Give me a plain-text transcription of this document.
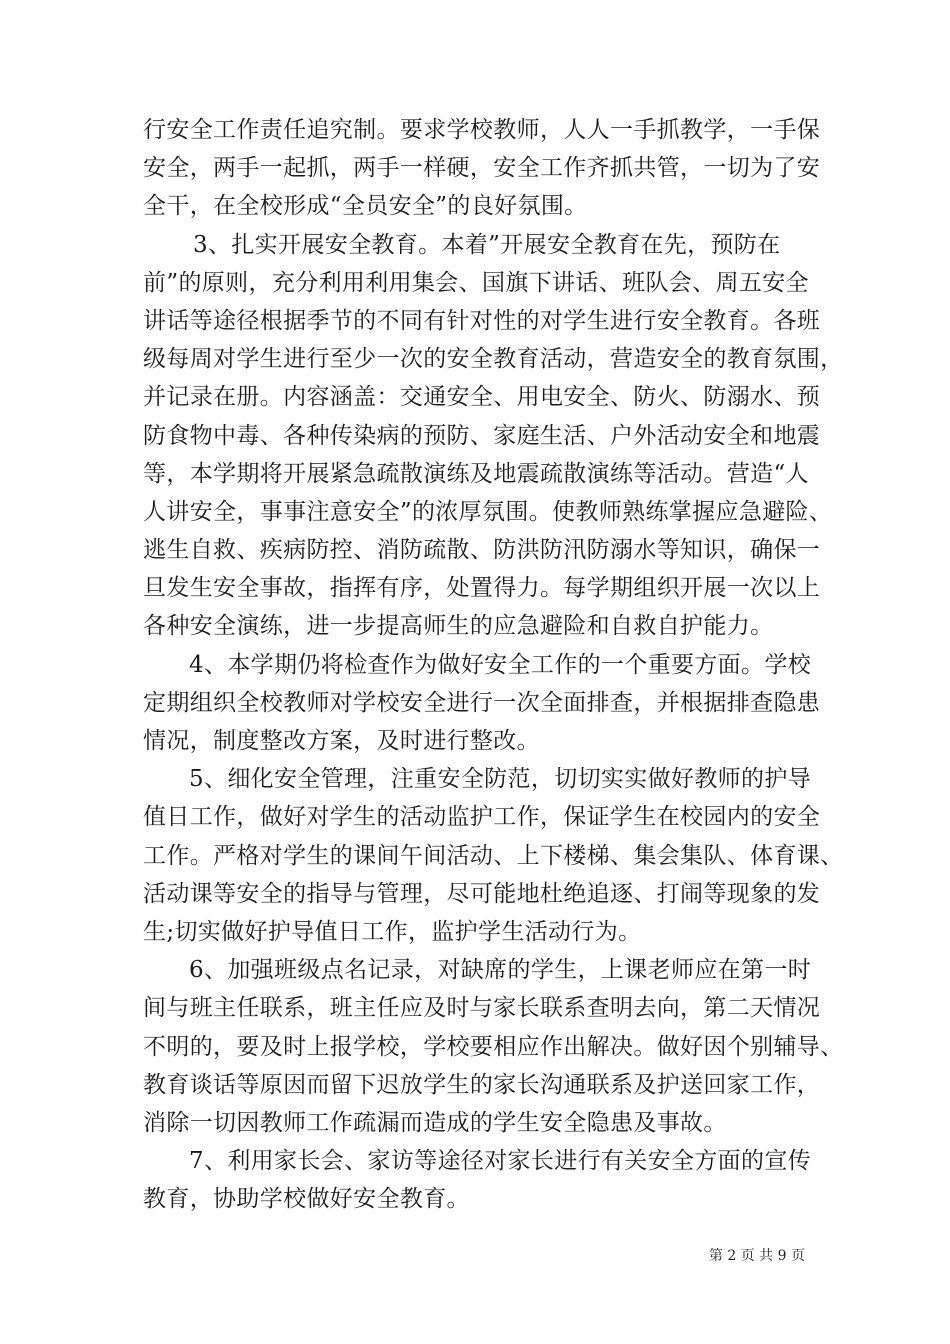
行安全工作责任追究制。要求学校教师，人人一手抓教学，一手保
安全，两手一起抓，两手一样硬，安全工作齐抓共管，一切为了安
全干，在全校形成“全员安全”的良好氛围。
3、扎实开展安全教育。本着”开展安全教育在先，预防在
前”的原则，充分利用利用集会、国旗下讲话、班队会、周五安全
讲话等途径根据季节的不同有针对性的对学生进行安全教育。各班
级每周对学生进行至少一次的安全教育活动，营造安全的教育氛围，
并记录在册。内容涵盖：交通安全、用电安全、防火、防溺水、预
防食物中毒、各种传染病的预防、家庭生活、户外活动安全和地震
等，本学期将开展紧急疏散演练及地震疏散演练等活动。营造“人
人讲安全，事事注意安全”的浓厚氛围。使教师熟练掌握应急避险、
逃生自救、疾病防控、消防疏散、防洪防汛防溺水等知识，确保一
旦发生安全事故，指挥有序，处置得力。每学期组织开展一次以上
各种安全演练，进一步提高师生的应急避险和自救自护能力。
4、本学期仍将检查作为做好安全工作的一个重要方面。学校
定期组织全校教师对学校安全进行一次全面排查，并根据排查隐患
情况，制度整改方案，及时进行整改。
5、细化安全管理，注重安全防范，切切实实做好教师的护导
值日工作，做好对学生的活动监护工作，保证学生在校园内的安全
工作。严格对学生的课间午间活动、上下楼梯、集会集队、体育课、
活动课等安全的指导与管理，尽可能地杜绝追逐、打闹等现象的发
生;切实做好护导值日工作，监护学生活动行为。
6、加强班级点名记录，对缺席的学生，上课老师应在第一时
间与班主任联系，班主任应及时与家长联系查明去向，第二天情况
不明的，要及时上报学校，学校要相应作出解决。做好因个别辅导、
教育谈话等原因而留下迟放学生的家长沟通联系及护送回家工作，
消除一切因教师工作疏漏而造成的学生安全隐患及事故。
7、利用家长会、家访等途径对家长进行有关安全方面的宣传
教育，协助学校做好安全教育。
第 2 页 共 9 页
